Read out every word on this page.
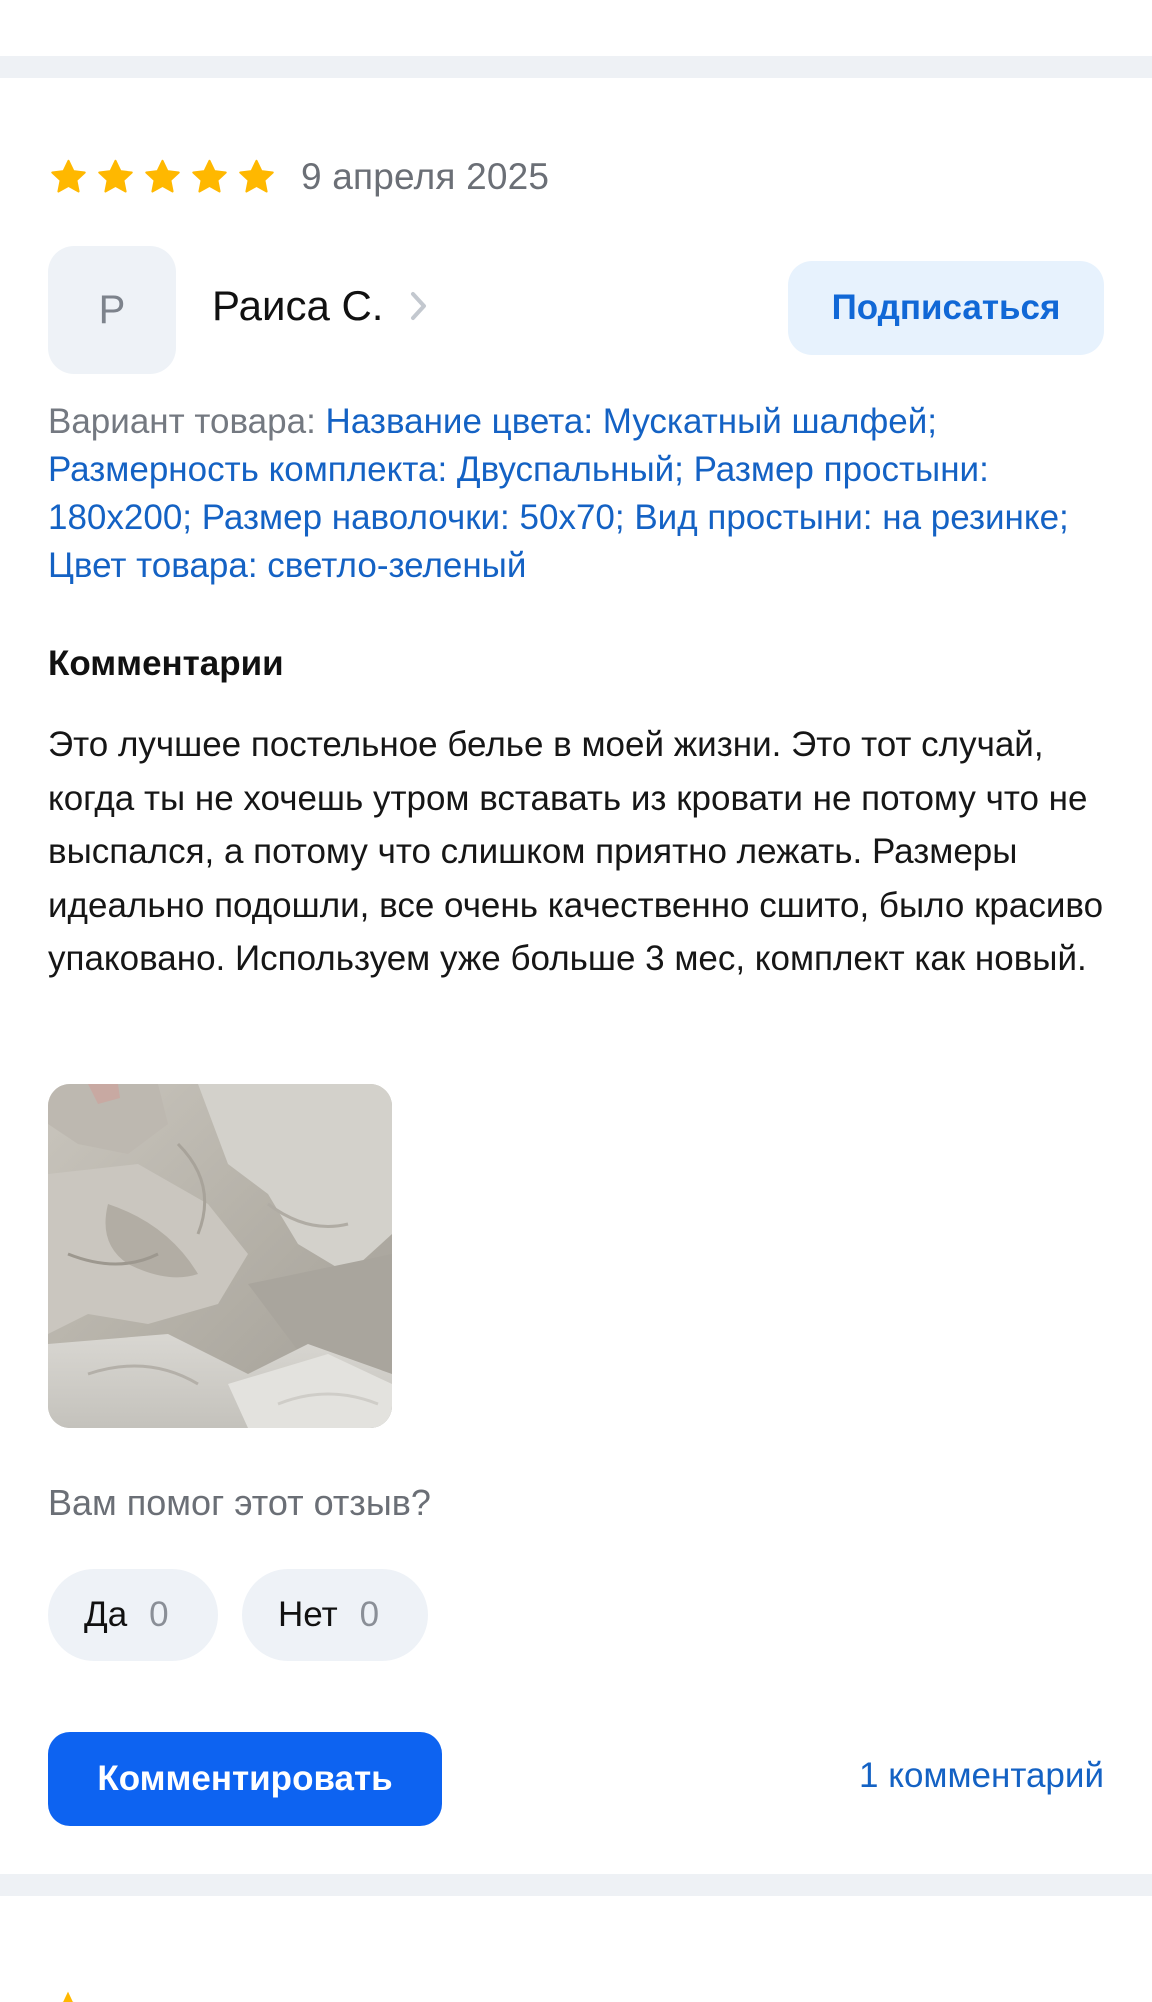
9 апреля 2025
Р	Раиса С.	Подписаться
Вариант товара: Название цвета: Мускатный шалфей; Размерность комплекта: Двуспальный; Размер простыни: 180x200; Размер наволочки: 50x70; Вид простыни: на резинке; Цвет товара: светло-зеленый
Комментарии
Это лучшее постельное белье в моей жизни. Это тот случай, когда ты не хочешь утром вставать из кровати не потому что не выспался, а потому что слишком приятно лежать. Размеры идеально подошли, все очень качественно сшито, было красиво упаковано. Используем уже больше 3 мес, комплект как новый.
Вам помог этот отзыв?
Да 0	Нет 0
Комментировать	1 комментарий
